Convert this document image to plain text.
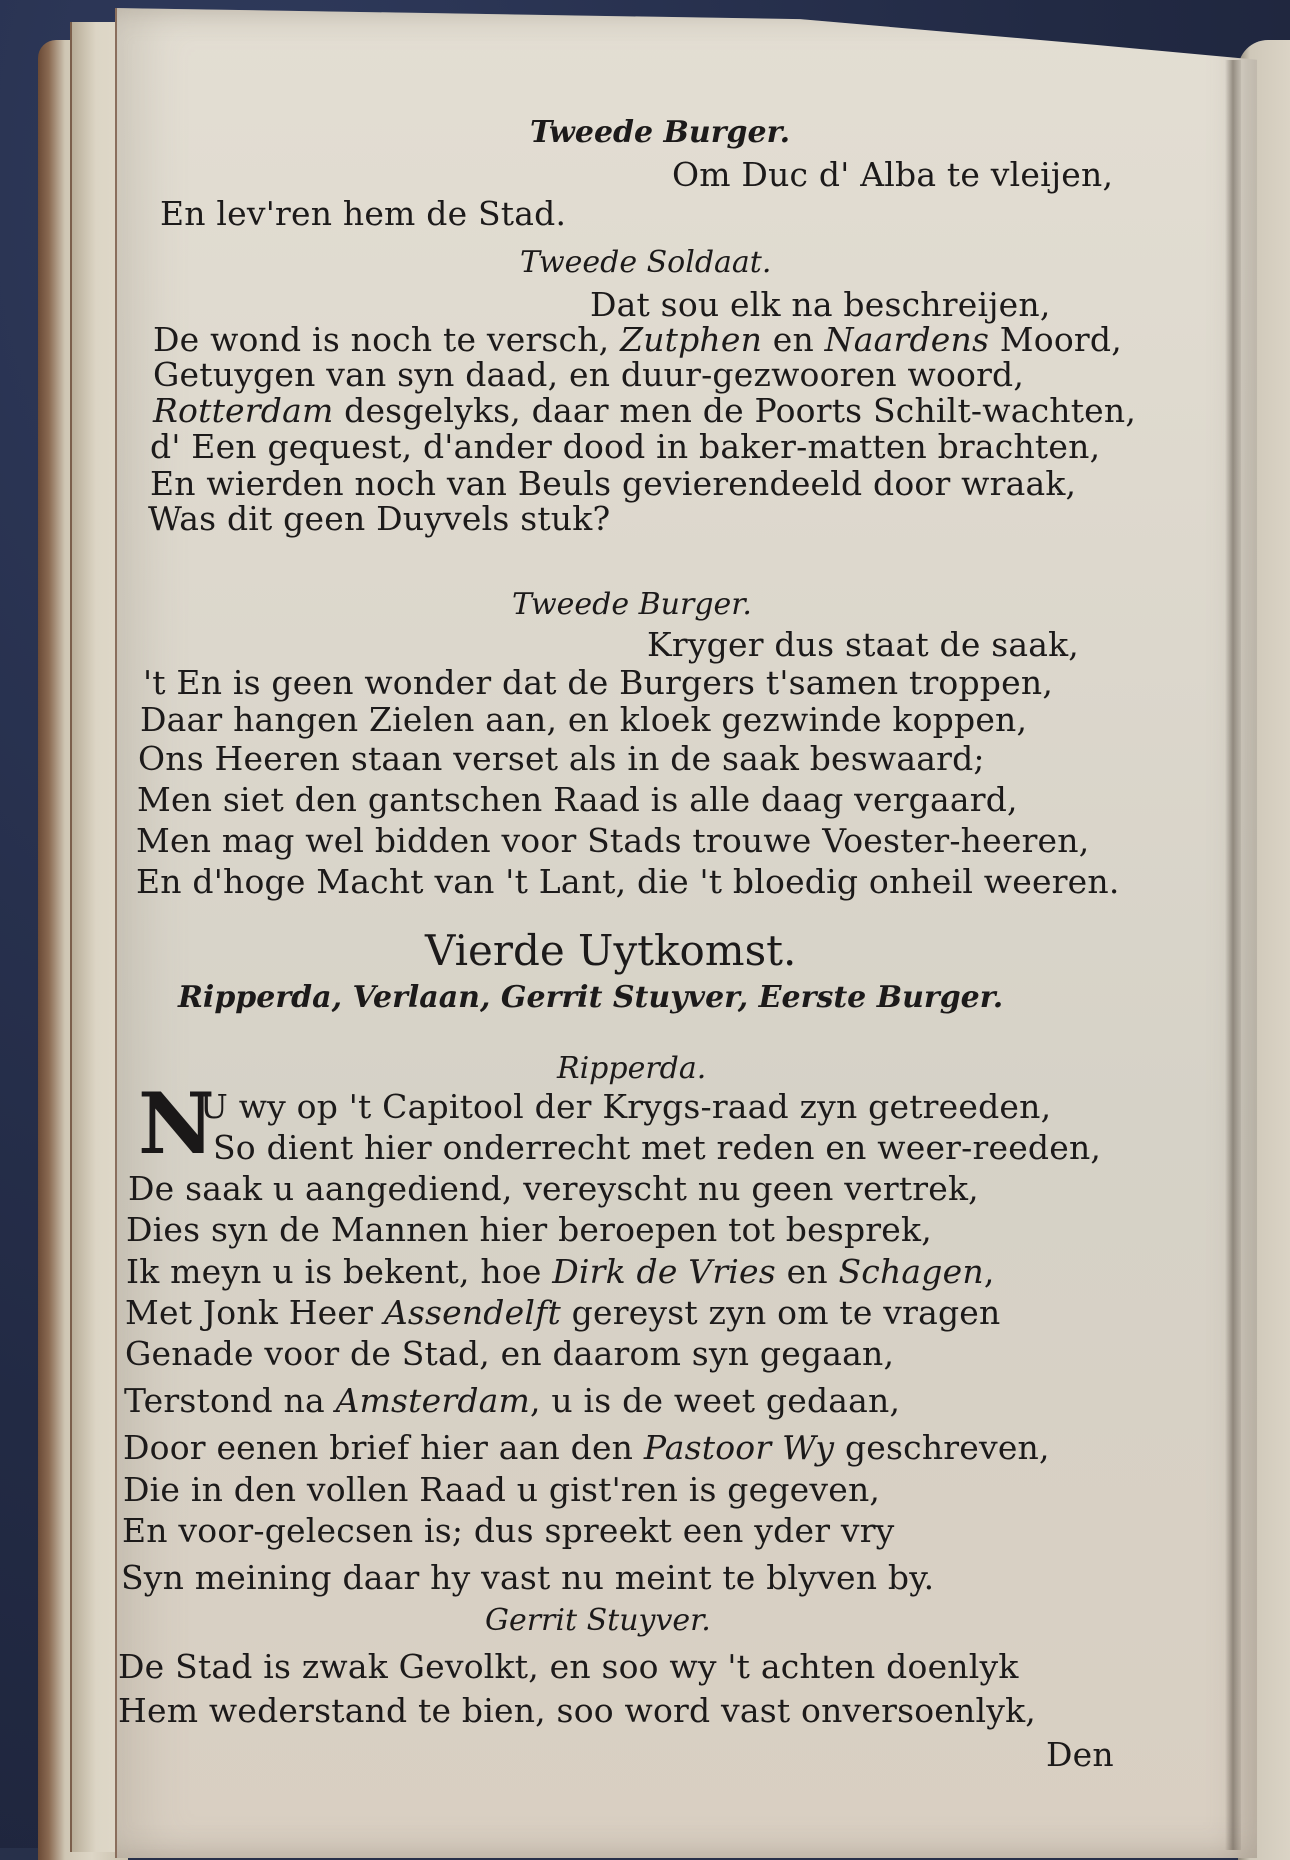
Tweede Burger.
Om Duc d' Alba te vleijen,
En lev'ren hem de Stad.
Tweede Soldaat.
Dat sou elk na beschreijen,
De wond is noch te versch, Zutphen en Naardens Moord,
Getuygen van syn daad, en duur-gezwooren woord,
Rotterdam desgelyks, daar men de Poorts Schilt-wachten,
d' Een gequest, d'ander dood in baker-matten brachten,
En wierden noch van Beuls gevierendeeld door wraak,
Was dit geen Duyvels stuk?
Tweede Burger.
Kryger dus staat de saak,
't En is geen wonder dat de Burgers t'samen troppen,
Daar hangen Zielen aan, en kloek gezwinde koppen,
Ons Heeren staan verset als in de saak beswaard;
Men siet den gantschen Raad is alle daag vergaard,
Men mag wel bidden voor Stads trouwe Voester-heeren,
En d'hoge Macht van 't Lant, die 't bloedig onheil weeren.
Vierde Uytkomst.
Ripperda, Verlaan, Gerrit Stuyver, Eerste Burger.
Ripperda.
N
U wy op 't Capitool der Krygs-raad zyn getreeden,
So dient hier onderrecht met reden en weer-reeden,
De saak u aangediend, vereyscht nu geen vertrek,
Dies syn de Mannen hier beroepen tot besprek,
Ik meyn u is bekent, hoe Dirk de Vries en Schagen,
Met Jonk Heer Assendelft gereyst zyn om te vragen
Genade voor de Stad, en daarom syn gegaan,
Terstond na Amsterdam, u is de weet gedaan,
Door eenen brief hier aan den Pastoor Wy geschreven,
Die in den vollen Raad u gist'ren is gegeven,
En voor-gelecsen is; dus spreekt een yder vry
Syn meining daar hy vast nu meint te blyven by.
Gerrit Stuyver.
De Stad is zwak Gevolkt, en soo wy 't achten doenlyk
Hem wederstand te bien, soo word vast onversoenlyk,
Den
